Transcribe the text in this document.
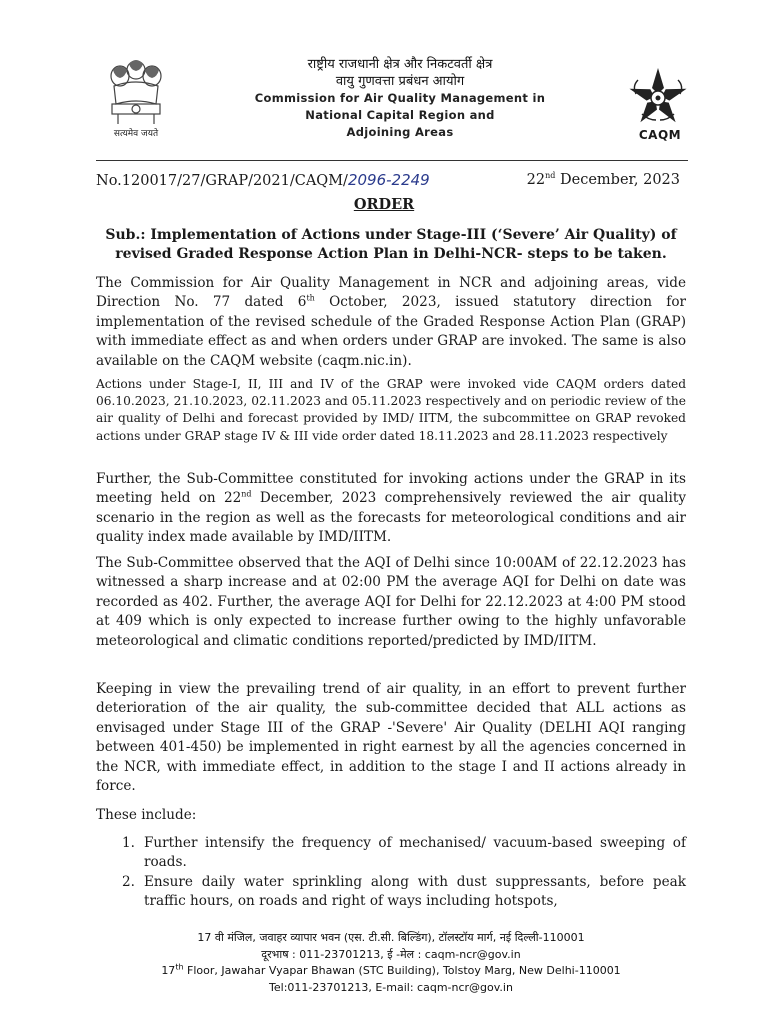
सत्यमेव जयते
राष्ट्रीय राजधानी क्षेत्र और निकटवर्ती क्षेत्र
वायु गुणवत्ता प्रबंधन आयोग
Commission for Air Quality Management in
National Capital Region and
Adjoining Areas	CAQM
No.120017/27/GRAP/2021/CAQM/2096-2249	22nd December, 2023
ORDER
Sub.: Implementation of Actions under Stage-III (‘Severe’ Air Quality) of revised Graded Response Action Plan in Delhi-NCR- steps to be taken.
The Commission for Air Quality Management in NCR and adjoining areas, vide Direction No. 77 dated 6th October, 2023, issued statutory direction for implementation of the revised schedule of the Graded Response Action Plan (GRAP) with immediate effect as and when orders under GRAP are invoked. The same is also available on the CAQM website (caqm.nic.in).
Actions under Stage-I, II, III and IV of the GRAP were invoked vide CAQM orders dated 06.10.2023, 21.10.2023, 02.11.2023 and 05.11.2023 respectively and on periodic review of the air quality of Delhi and forecast provided by IMD/ IITM, the subcommittee on GRAP revoked actions under GRAP stage IV & III vide order dated 18.11.2023 and 28.11.2023 respectively
Further, the Sub-Committee constituted for invoking actions under the GRAP in its meeting held on 22nd December, 2023 comprehensively reviewed the air quality scenario in the region as well as the forecasts for meteorological conditions and air quality index made available by IMD/IITM.
The Sub-Committee observed that the AQI of Delhi since 10:00AM of 22.12.2023 has witnessed a sharp increase and at 02:00 PM the average AQI for Delhi on date was recorded as 402. Further, the average AQI for Delhi for 22.12.2023 at 4:00 PM stood at 409 which is only expected to increase further owing to the highly unfavorable meteorological and climatic conditions reported/predicted by IMD/IITM.
Keeping in view the prevailing trend of air quality, in an effort to prevent further deterioration of the air quality, the sub-committee decided that ALL actions as envisaged under Stage III of the GRAP -'Severe' Air Quality (DELHI AQI ranging between 401-450) be implemented in right earnest by all the agencies concerned in the NCR, with immediate effect, in addition to the stage I and II actions already in force.
These include:
1. Further intensify the frequency of mechanised/ vacuum-based sweeping of roads.
2. Ensure daily water sprinkling along with dust suppressants, before peak traffic hours, on roads and right of ways including hotspots,
17 वी मंजिल, जवाहर व्यापार भवन (एस. टी.सी. बिल्डिंग), टॉलस्टॉय मार्ग, नई दिल्ली-110001
दूरभाष : 011-23701213, ई -मेल : caqm-ncr@gov.in
17th Floor, Jawahar Vyapar Bhawan (STC Building), Tolstoy Marg, New Delhi-110001
Tel:011-23701213, E-mail: caqm-ncr@gov.in
